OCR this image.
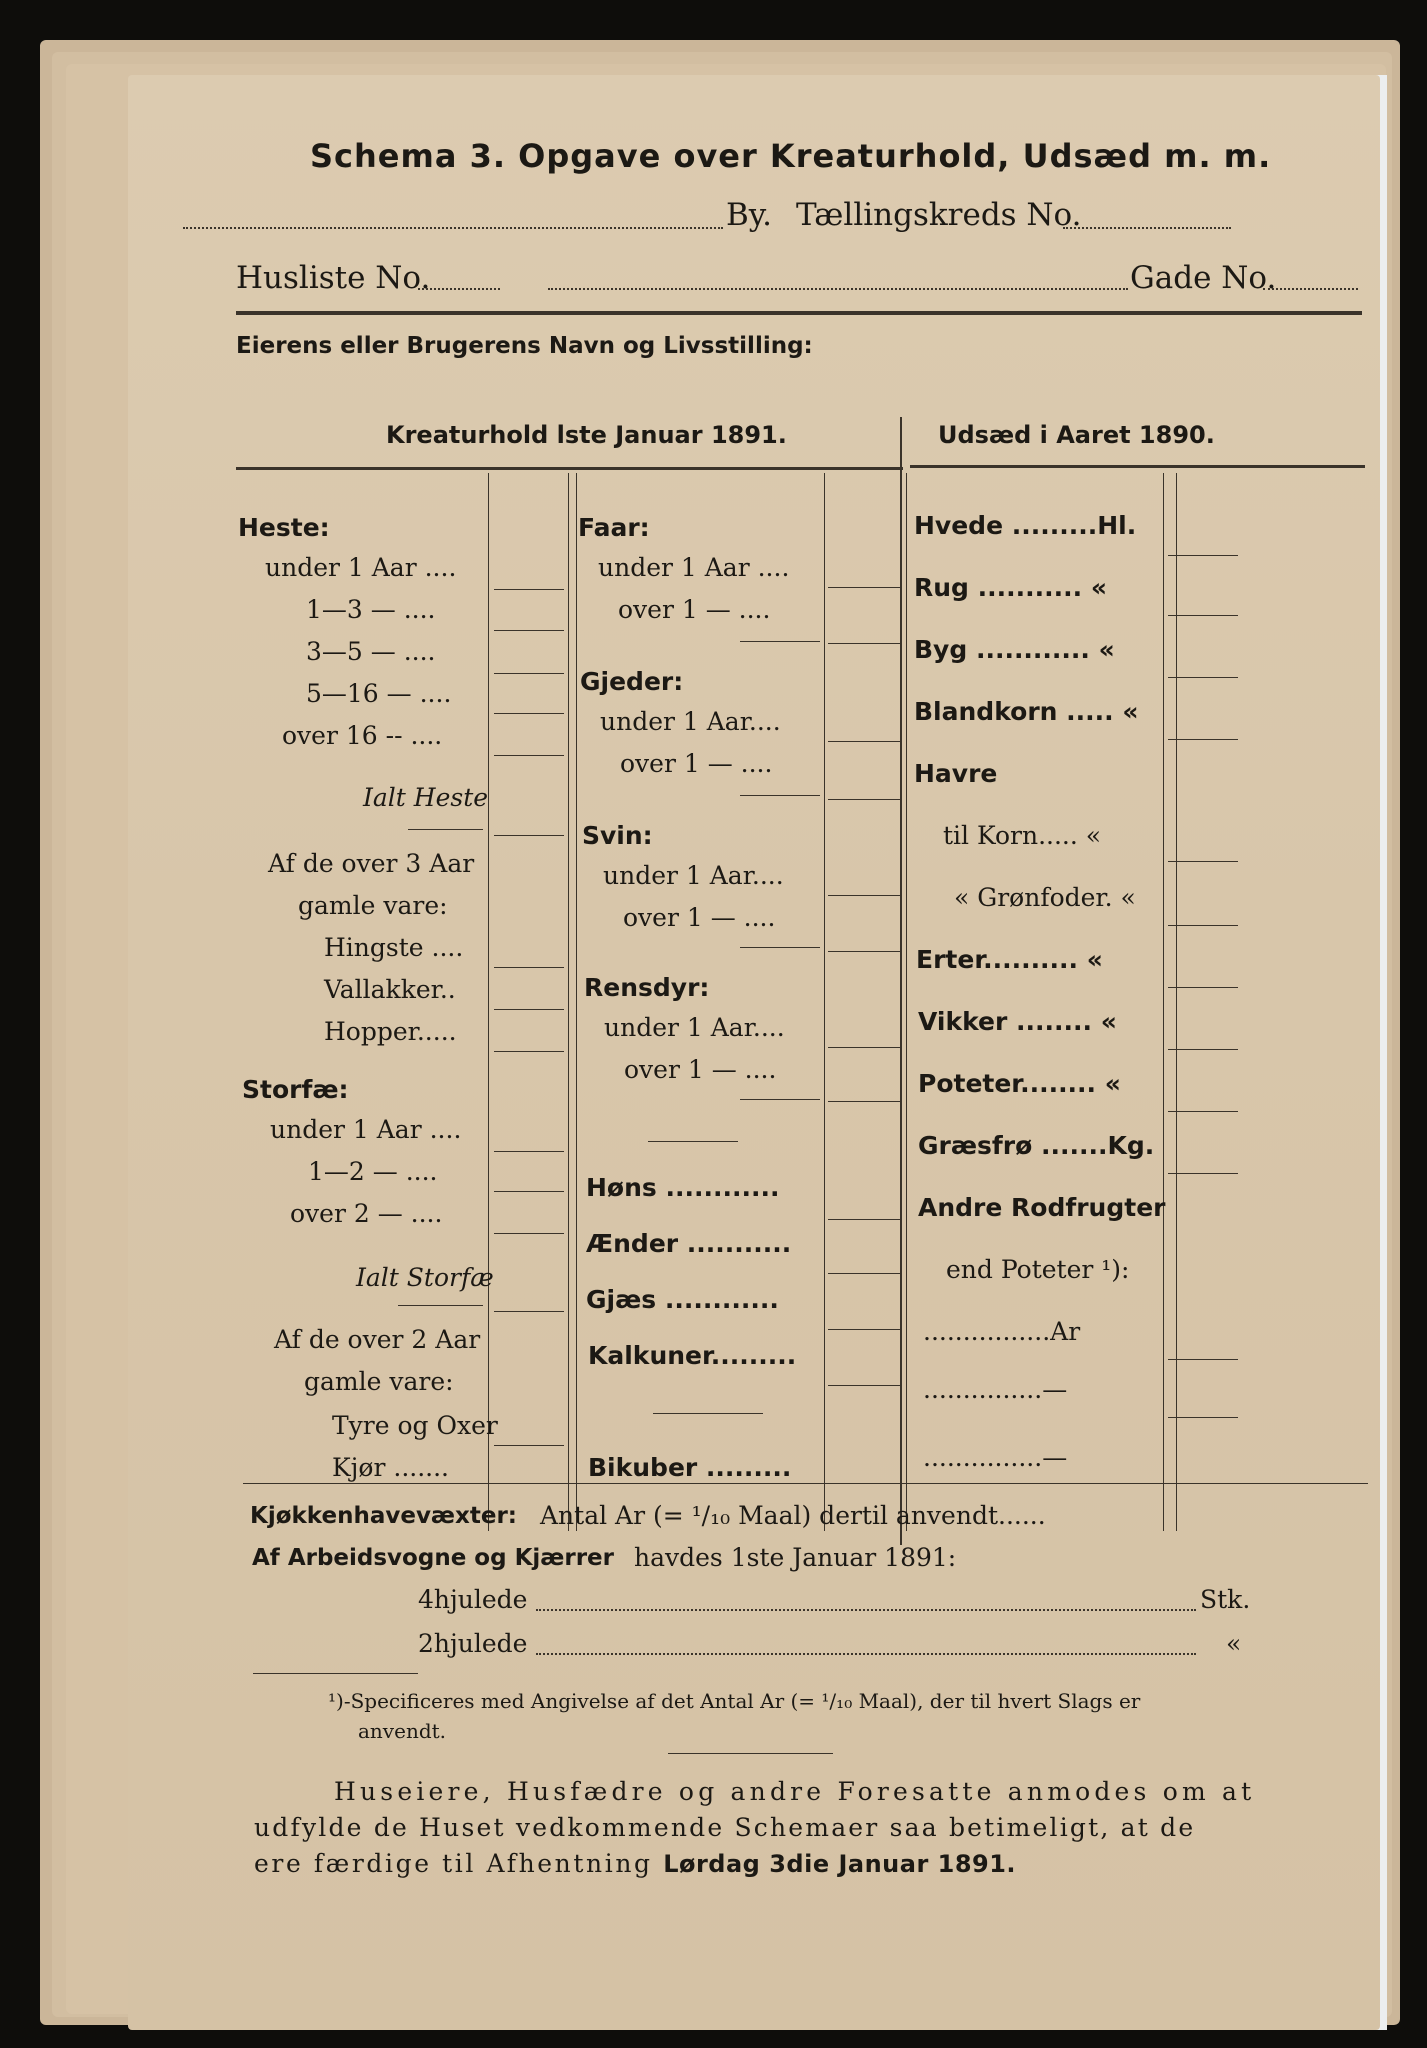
Schema 3. Opgave over Kreaturhold, Udsæd m. m.
By. Tællingskreds No.
Husliste No.	Gade No.
Eierens eller Brugerens Navn og Livsstilling:
Kreaturhold lste Januar 1891.	Udsæd i Aaret 1890.
Heste:
under 1 Aar ....
1—3 — ....
3—5 — ....
5—16 — ....
over 16 -- ....
Ialt Heste
Af de over 3 Aar
gamle vare:
Hingste ....
Vallakker..
Hopper.....
Storfæ:
under 1 Aar ....
1—2 — ....
over 2 — ....
Ialt Storfæ
Af de over 2 Aar
gamle vare:
Tyre og Oxer
Kjør .......
Faar:
under 1 Aar ....
over 1 — ....
Gjeder:
under 1 Aar....
over 1 — ....
Svin:
under 1 Aar....
over 1 — ....
Rensdyr:
under 1 Aar....
over 1 — ....
Høns ............
Ænder ...........
Gjæs ............
Kalkuner.........
Bikuber .........
Hvede .........Hl.
Rug ........... «
Byg ............ «
Blandkorn ..... «
Havre
til Korn..... «
« Grønfoder. «
Erter.......... «
Vikker ........ «
Poteter........ «
Græsfrø .......Kg.
Andre Rodfrugter
end Poteter ¹):
................Ar
...............—
...............—
Kjøkkenhavevæxter: Antal Ar (= ¹/₁₀ Maal) dertil anvendt......
Af Arbeidsvogne og Kjærrer havdes 1ste Januar 1891:
4hjulede	Stk.
2hjulede	«
¹)-Specificeres med Angivelse af det Antal Ar (= ¹/₁₀ Maal), der til hvert Slags er
anvendt.
Huseiere, Husfædre og andre Foresatte anmodes om at
udfylde de Huset vedkommende Schemaer saa betimeligt, at de
ere færdige til Afhentning Lørdag 3die Januar 1891.
